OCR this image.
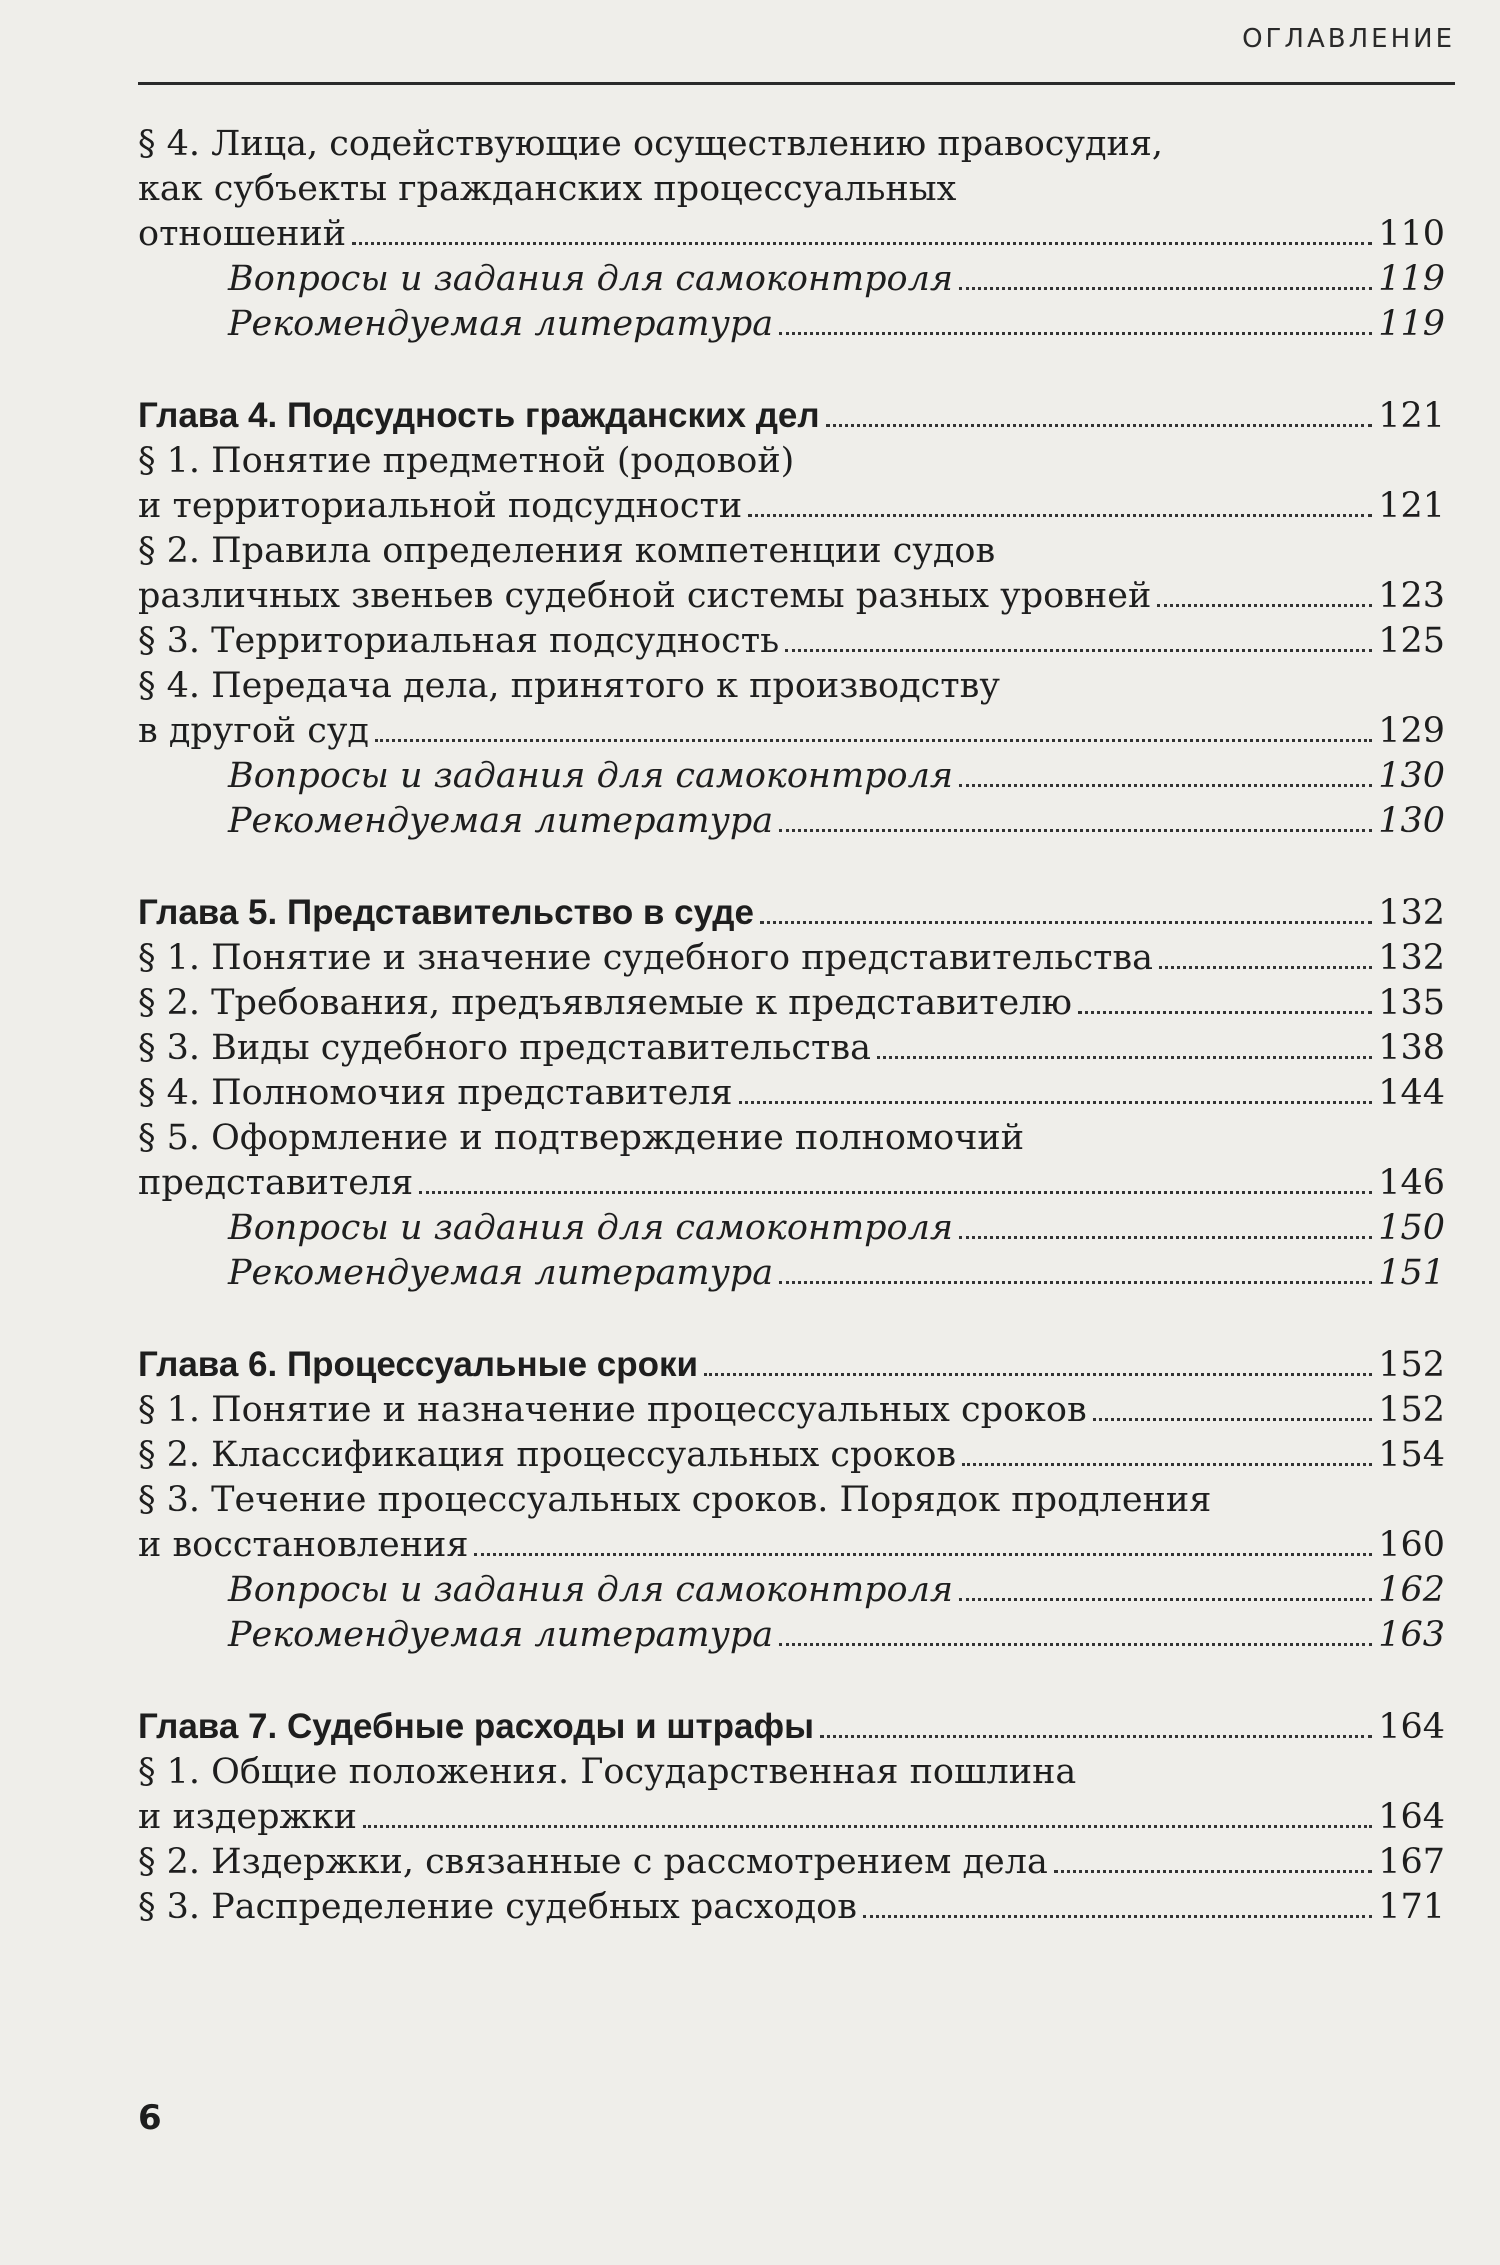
ОГЛАВЛЕНИЕ
§ 4. Лица, содействующие осуществлению правосудия,
как субъекты гражданских процессуальных
отношений	110
Вопросы и задания для самоконтроля	119
Рекомендуемая литература	119
Глава 4. Подсудность гражданских дел	121
§ 1. Понятие предметной (родовой)
и территориальной подсудности	121
§ 2. Правила определения компетенции судов
различных звеньев судебной системы разных уровней	123
§ 3. Территориальная подсудность	125
§ 4. Передача дела, принятого к производству
в другой суд	129
Вопросы и задания для самоконтроля	130
Рекомендуемая литература	130
Глава 5. Представительство в суде	132
§ 1. Понятие и значение судебного представительства	132
§ 2. Требования, предъявляемые к представителю	135
§ 3. Виды судебного представительства	138
§ 4. Полномочия представителя	144
§ 5. Оформление и подтверждение полномочий
представителя	146
Вопросы и задания для самоконтроля	150
Рекомендуемая литература	151
Глава 6. Процессуальные сроки	152
§ 1. Понятие и назначение процессуальных сроков	152
§ 2. Классификация процессуальных сроков	154
§ 3. Течение процессуальных сроков. Порядок продления
и восстановления	160
Вопросы и задания для самоконтроля	162
Рекомендуемая литература	163
Глава 7. Судебные расходы и штрафы	164
§ 1. Общие положения. Государственная пошлина
и издержки	164
§ 2. Издержки, связанные с рассмотрением дела	167
§ 3. Распределение судебных расходов	171
6
